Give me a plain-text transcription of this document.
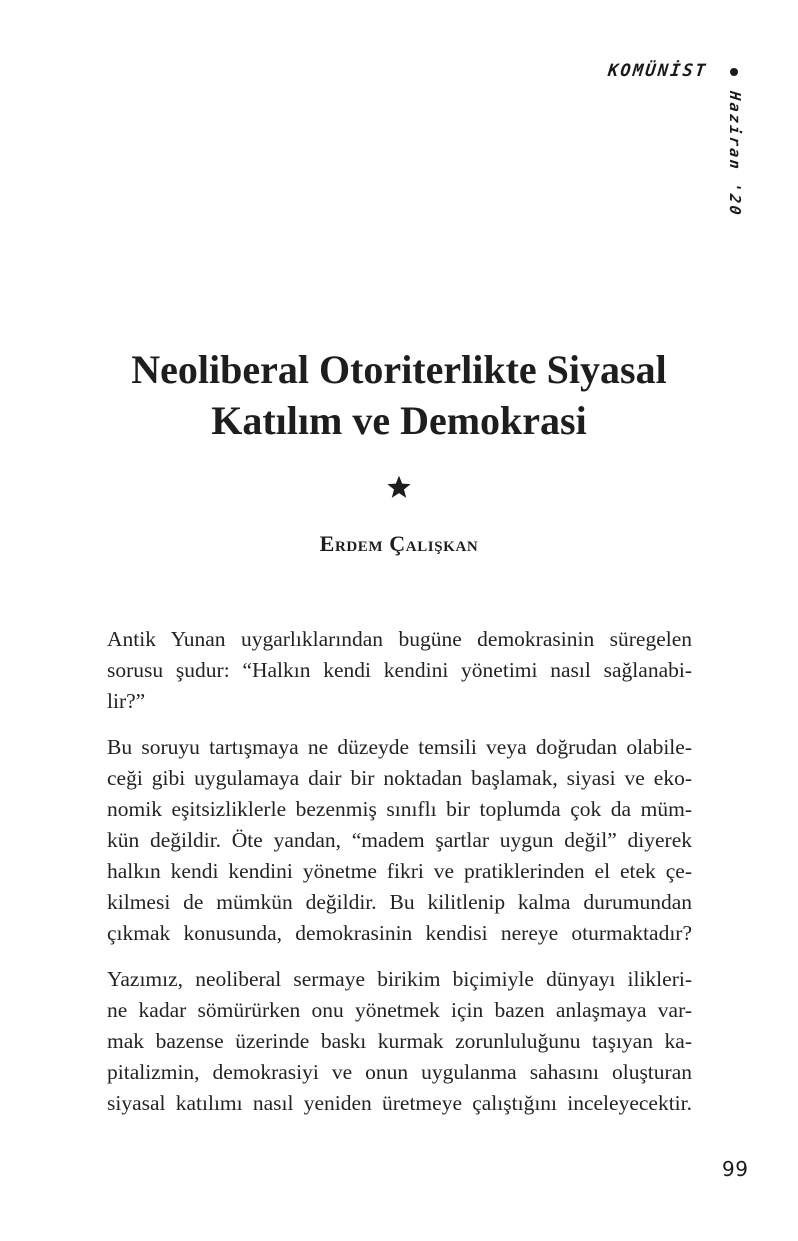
KOMÜNİST
Haziran '20
Neoliberal Otoriterlikte Siyasal
Katılım ve Demokrasi
Erdem Çalışkan

Antik Yunan uygarlıklarından bugüne demokrasinin süregelen
sorusu şudur: “Halkın kendi kendini yönetimi nasıl sağlanabi-
lir?”

Bu soruyu tartışmaya ne düzeyde temsili veya doğrudan olabile-
ceği gibi uygulamaya dair bir noktadan başlamak, siyasi ve eko-
nomik eşitsizliklerle bezenmiş sınıflı bir toplumda çok da müm-
kün değildir. Öte yandan, “madem şartlar uygun değil” diyerek
halkın kendi kendini yönetme fikri ve pratiklerinden el etek çe-
kilmesi de mümkün değildir. Bu kilitlenip kalma durumundan
çıkmak konusunda, demokrasinin kendisi nereye oturmaktadır?

Yazımız, neoliberal sermaye birikim biçimiyle dünyayı ilikleri-
ne kadar sömürürken onu yönetmek için bazen anlaşmaya var-
mak bazense üzerinde baskı kurmak zorunluluğunu taşıyan ka-
pitalizmin, demokrasiyi ve onun uygulanma sahasını oluşturan
siyasal katılımı nasıl yeniden üretmeye çalıştığını inceleyecektir.

99
